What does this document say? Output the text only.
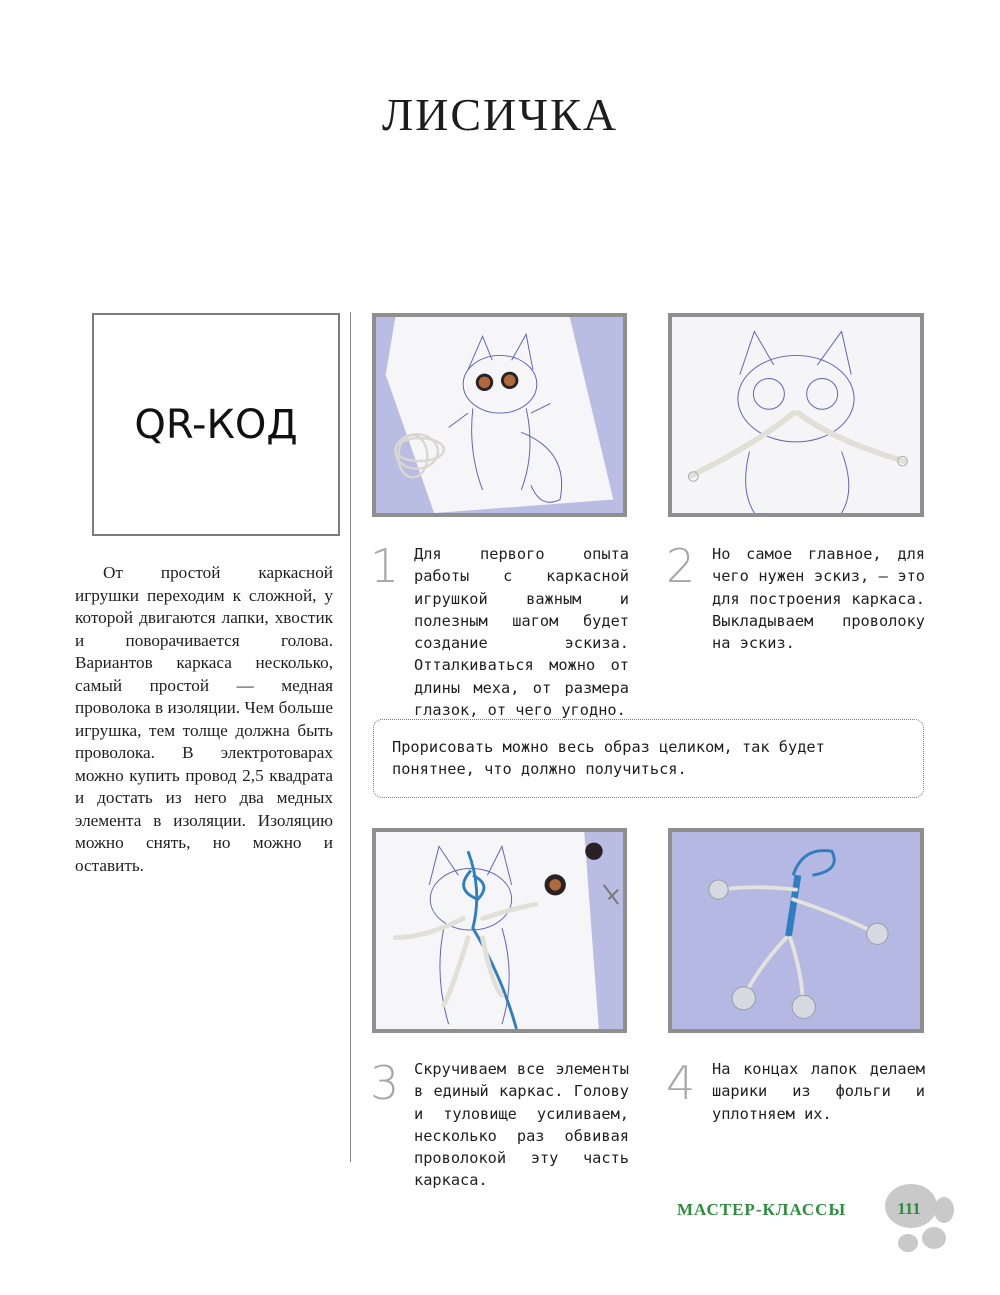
ЛИСИЧКА
QR-КОД

От простой каркасной игрушки переходим к сложной, у которой двигаются лапки, хвостик и поворачивается голова. Вариантов каркаса несколько, самый простой — медная проволока в изоляции. Чем больше игрушка, тем толще должна быть проволока. В электротоварах можно купить провод 2,5 квадрата и достать из него два медных элемента в изоляции. Изоляцию можно снять, но можно и оставить.

1 Для первого опыта работы с каркасной игрушкой важным и полезным шагом будет создание эскиза. Отталкиваться можно от длины меха, от размера глазок, от чего угодно.

2 Но самое главное, для чего нужен эскиз, — это для построения каркаса. Выкладываем проволоку на эскиз.

Прорисовать можно весь образ целиком, так будет понятнее, что должно получиться.

3 Скручиваем все элементы в единый каркас. Голову и туловище усиливаем, несколько раз обвивая проволокой эту часть каркаса.

4 На концах лапок делаем шарики из фольги и уплотняем их.

МАСТЕР-КЛАССЫ	111
